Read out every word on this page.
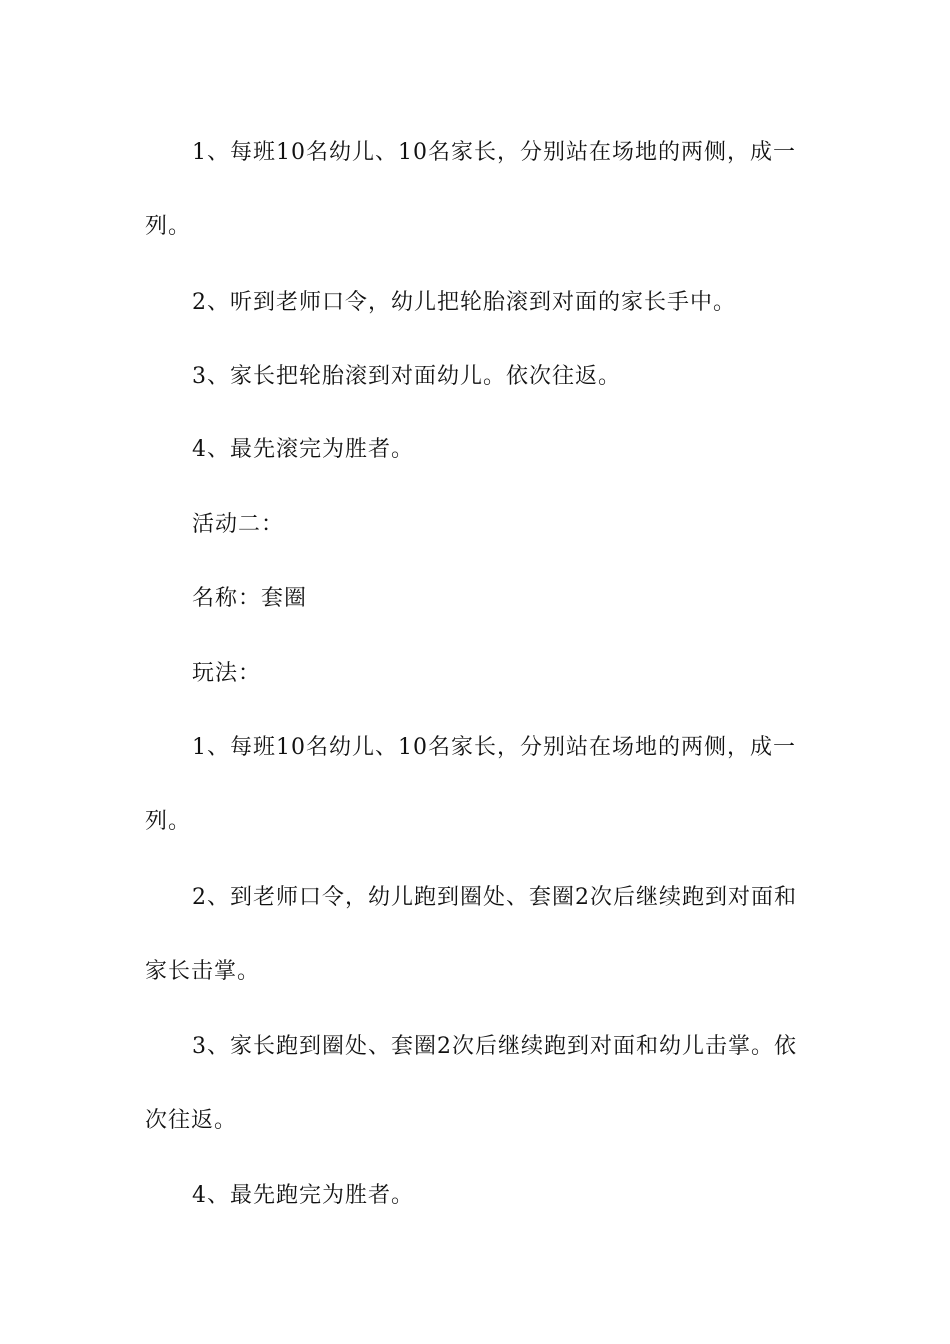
1、每班10名幼儿、10名家长，分别站在场地的两侧，成一列。

2、听到老师口令，幼儿把轮胎滚到对面的家长手中。

3、家长把轮胎滚到对面幼儿。依次往返。

4、最先滚完为胜者。

活动二：

名称：套圈

玩法：

1、每班10名幼儿、10名家长，分别站在场地的两侧，成一列。

2、到老师口令，幼儿跑到圈处、套圈2次后继续跑到对面和家长击掌。

3、家长跑到圈处、套圈2次后继续跑到对面和幼儿击掌。依次往返。

4、最先跑完为胜者。
